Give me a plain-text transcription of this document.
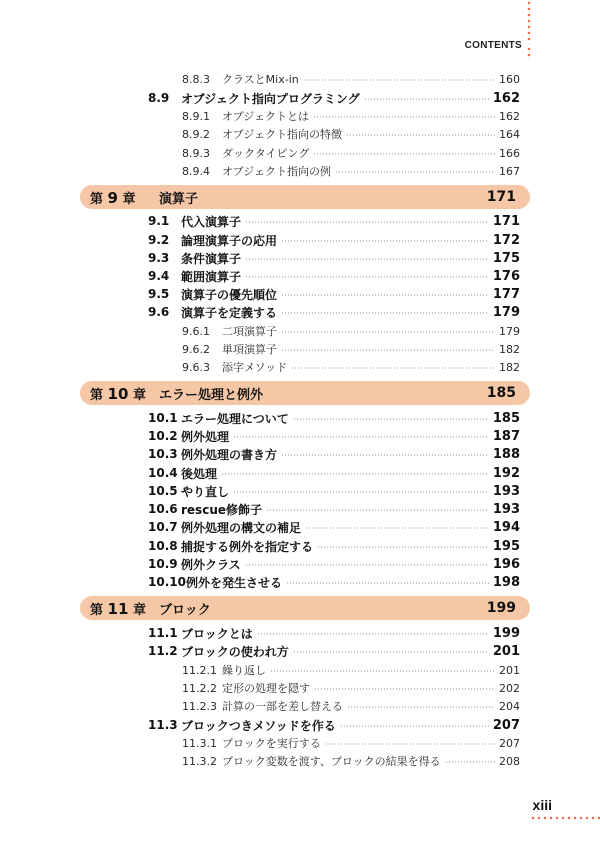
CONTENTS
8.8.3	クラスとMix-in	160
8.9 オブジェクト指向プログラミング	162
8.9.1	オブジェクトとは	162
8.9.2	オブジェクト指向の特徴	164
8.9.3	ダックタイピング	166
8.9.4	オブジェクト指向の例	167
第 9 章	演算子	171
9.1 代入演算子	171
9.2 論理演算子の応用	172
9.3 条件演算子	175
9.4 範囲演算子	176
9.5 演算子の優先順位	177
9.6 演算子を定義する	179
9.6.1	二項演算子	179
9.6.2	単項演算子	182
9.6.3	添字メソッド	182
第 10 章	エラー処理と例外	185
10.1 エラー処理について	185
10.2 例外処理	187
10.3 例外処理の書き方	188
10.4 後処理	192
10.5 やり直し	193
10.6 rescue修飾子	193
10.7 例外処理の構文の補足	194
10.8 捕捉する例外を指定する	195
10.9 例外クラス	196
10.10 例外を発生させる	198
第 11 章	ブロック	199
11.1 ブロックとは	199
11.2 ブロックの使われ方	201
11.2.1 繰り返し	201
11.2.2 定形の処理を隠す	202
11.2.3 計算の一部を差し替える	204
11.3 ブロックつきメソッドを作る	207
11.3.1 ブロックを実行する	207
11.3.2 ブロック変数を渡す、ブロックの結果を得る	208
xiii
